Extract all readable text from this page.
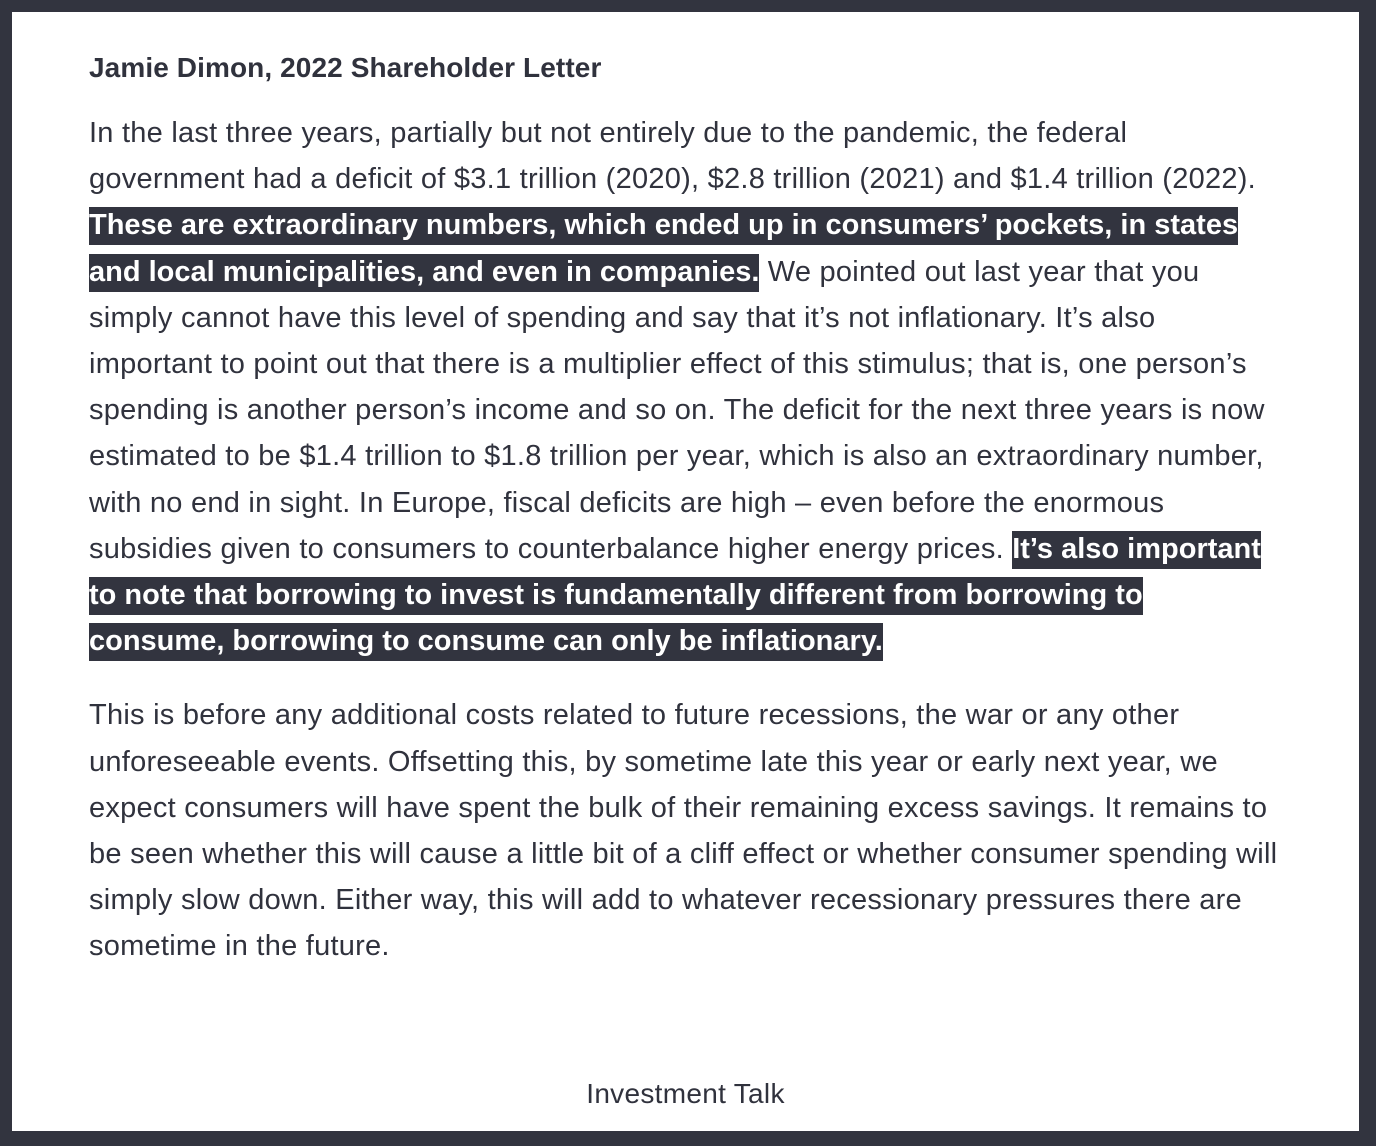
Jamie Dimon, 2022 Shareholder Letter

In the last three years, partially but not entirely due to the pandemic, the federal government had a deficit of $3.1 trillion (2020), $2.8 trillion (2021) and $1.4 trillion (2022). These are extraordinary numbers, which ended up in consumers’ pockets, in states and local municipalities, and even in companies. We pointed out last year that you simply cannot have this level of spending and say that it’s not inflationary. It’s also important to point out that there is a multiplier effect of this stimulus; that is, one person’s spending is another person’s income and so on. The deficit for the next three years is now estimated to be $1.4 trillion to $1.8 trillion per year, which is also an extraordinary number, with no end in sight. In Europe, fiscal deficits are high – even before the enormous subsidies given to consumers to counterbalance higher energy prices. It’s also important to note that borrowing to invest is fundamentally different from borrowing to consume, borrowing to consume can only be inflationary.

This is before any additional costs related to future recessions, the war or any other unforeseeable events. Offsetting this, by sometime late this year or early next year, we expect consumers will have spent the bulk of their remaining excess savings. It remains to be seen whether this will cause a little bit of a cliff effect or whether consumer spending will simply slow down. Either way, this will add to whatever recessionary pressures there are sometime in the future.

Investment Talk
